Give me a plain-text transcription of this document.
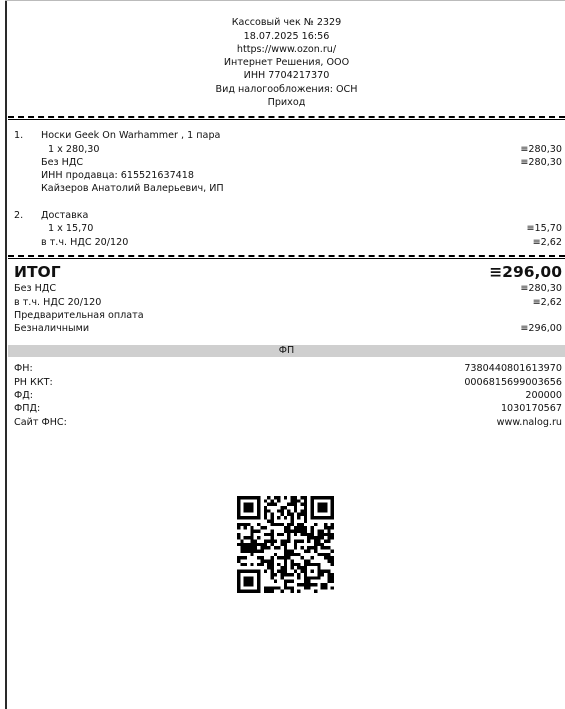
Кассовый чек № 2329
18.07.2025 16:56
https://www.ozon.ru/
Интернет Решения, ООО
ИНН 7704217370
Вид налогообложения: ОСН
Приход
1. Носки Geek On Warhammer , 1 пара
1 x 280,30	≡280,30
Без НДС	≡280,30
ИНН продавца: 615521637418
Кайзеров Анатолий Валерьевич, ИП
2. Доставка
1 x 15,70	≡15,70
в т.ч. НДС 20/120	≡2,62
ИТОГ	≡296,00
Без НДС	≡280,30
в т.ч. НДС 20/120	≡2,62
Предварительная оплата
Безналичными	≡296,00
ФП
ФН:	7380440801613970
РН ККТ:	0006815699003656
ФД:	200000
ФПД:	1030170567
Сайт ФНС:	www.nalog.ru
